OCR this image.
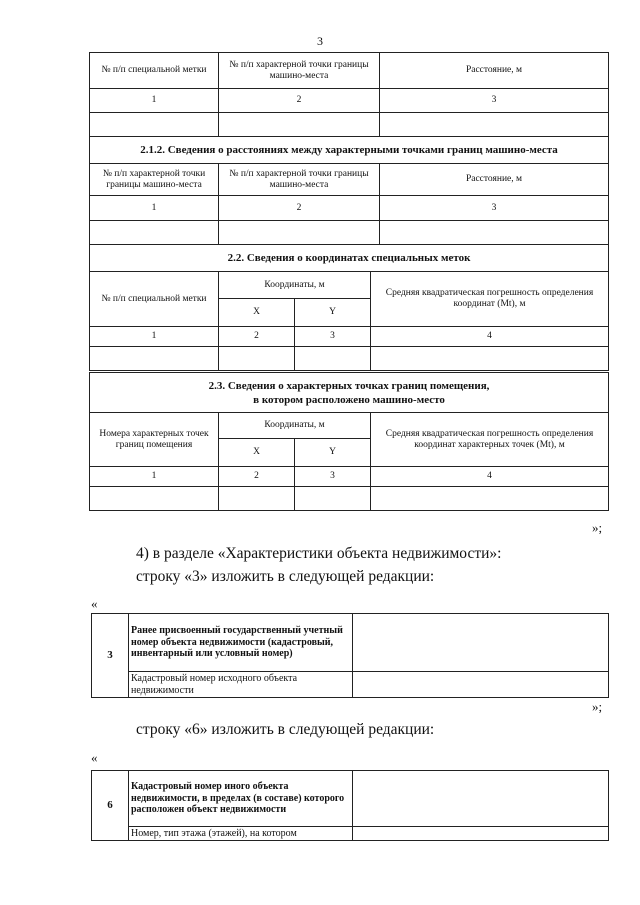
3
№ п/п специальной метки	№ п/п характерной точки границы машино-места	Расстояние, м
1	2	3

2.1.2. Сведения о расстояниях между характерными точками границ машино-места		
№ п/п характерной точки границы машино-места	№ п/п характерной точки границы машино-места	Расстояние, м
1	2	3

2.2. Сведения о координатах специальных меток			
№ п/п специальной метки	Координаты, м		Средняя квадратическая погрешность определения координат (Mt), м
	X	Y	
1	2	3	4

2.3. Сведения о характерных точках границ помещения,
в котором расположено машино-место			
Номера характерных точек границ помещения	Координаты, м		Средняя квадратическая погрешность определения координат характерных точек (Mt), м
	X	Y	
1	2	3	4

»;
4) в разделе «Характеристики объекта недвижимости»:
строку «3» изложить в следующей редакции:
«
3	Ранее присвоенный государственный учетный номер объекта недвижимости (кадастровый, инвентарный или условный номер)	
	Кадастровый номер исходного объекта недвижимости	
»;
строку «6» изложить в следующей редакции:
«
6	Кадастровый номер иного объекта недвижимости, в пределах (в составе) которого расположен объект недвижимости	
	Номер, тип этажа (этажей), на котором	
